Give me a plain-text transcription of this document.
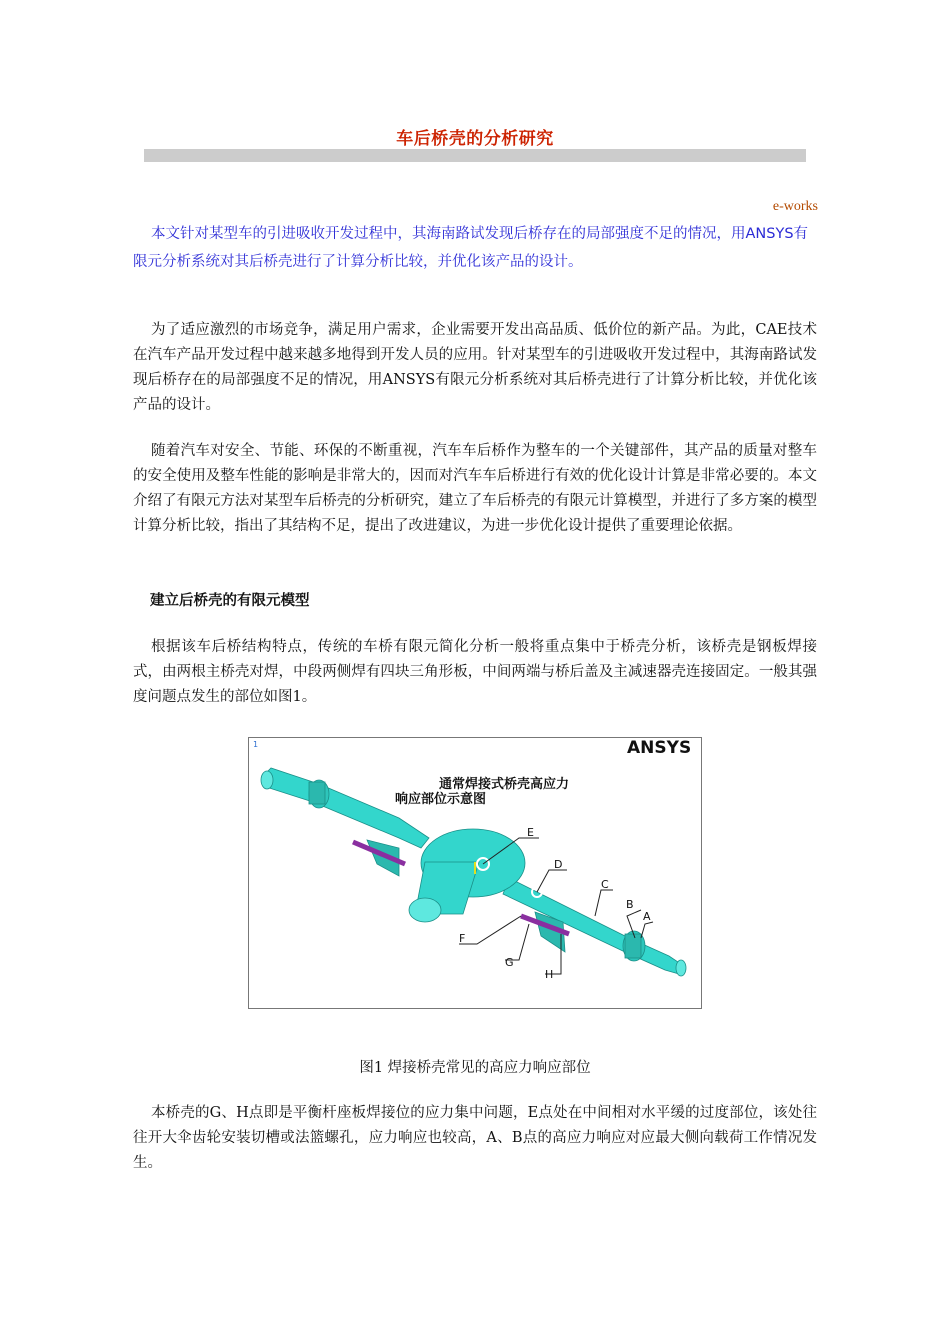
车后桥壳的分析研究
e-works
本文针对某型车的引进吸收开发过程中，其海南路试发现后桥存在的局部强度不足的情况，用ANSYS有限元分析系统对其后桥壳进行了计算分析比较，并优化该产品的设计。
为了适应激烈的市场竞争，满足用户需求，企业需要开发出高品质、低价位的新产品。为此，CAE技术在汽车产品开发过程中越来越多地得到开发人员的应用。针对某型车的引进吸收开发过程中，其海南路试发现后桥存在的局部强度不足的情况，用ANSYS有限元分析系统对其后桥壳进行了计算分析比较，并优化该产品的设计。
随着汽车对安全、节能、环保的不断重视，汽车车后桥作为整车的一个关键部件，其产品的质量对整车的安全使用及整车性能的影响是非常大的，因而对汽车车后桥进行有效的优化设计计算是非常必要的。本文介绍了有限元方法对某型车后桥壳的分析研究，建立了车后桥壳的有限元计算模型，并进行了多方案的模型计算分析比较，指出了其结构不足，提出了改进建议，为进一步优化设计提供了重要理论依据。
建立后桥壳的有限元模型
根据该车后桥结构特点，传统的车桥有限元简化分析一般将重点集中于桥壳分析，该桥壳是钢板焊接式，由两根主桥壳对焊，中段两侧焊有四块三角形板，中间两端与桥后盖及主减速器壳连接固定。一般其强度问题点发生的部位如图1。
1	ANSYS
通常焊接式桥壳高应力
响应部位示意图
E
D
C
B
A
F
G
H
图1 焊接桥壳常见的高应力响应部位
本桥壳的G、H点即是平衡杆座板焊接位的应力集中问题，E点处在中间相对水平缓的过度部位，该处往往开大伞齿轮安装切槽或法篮螺孔，应力响应也较高，A、B点的高应力响应对应最大侧向载荷工作情况发生。
